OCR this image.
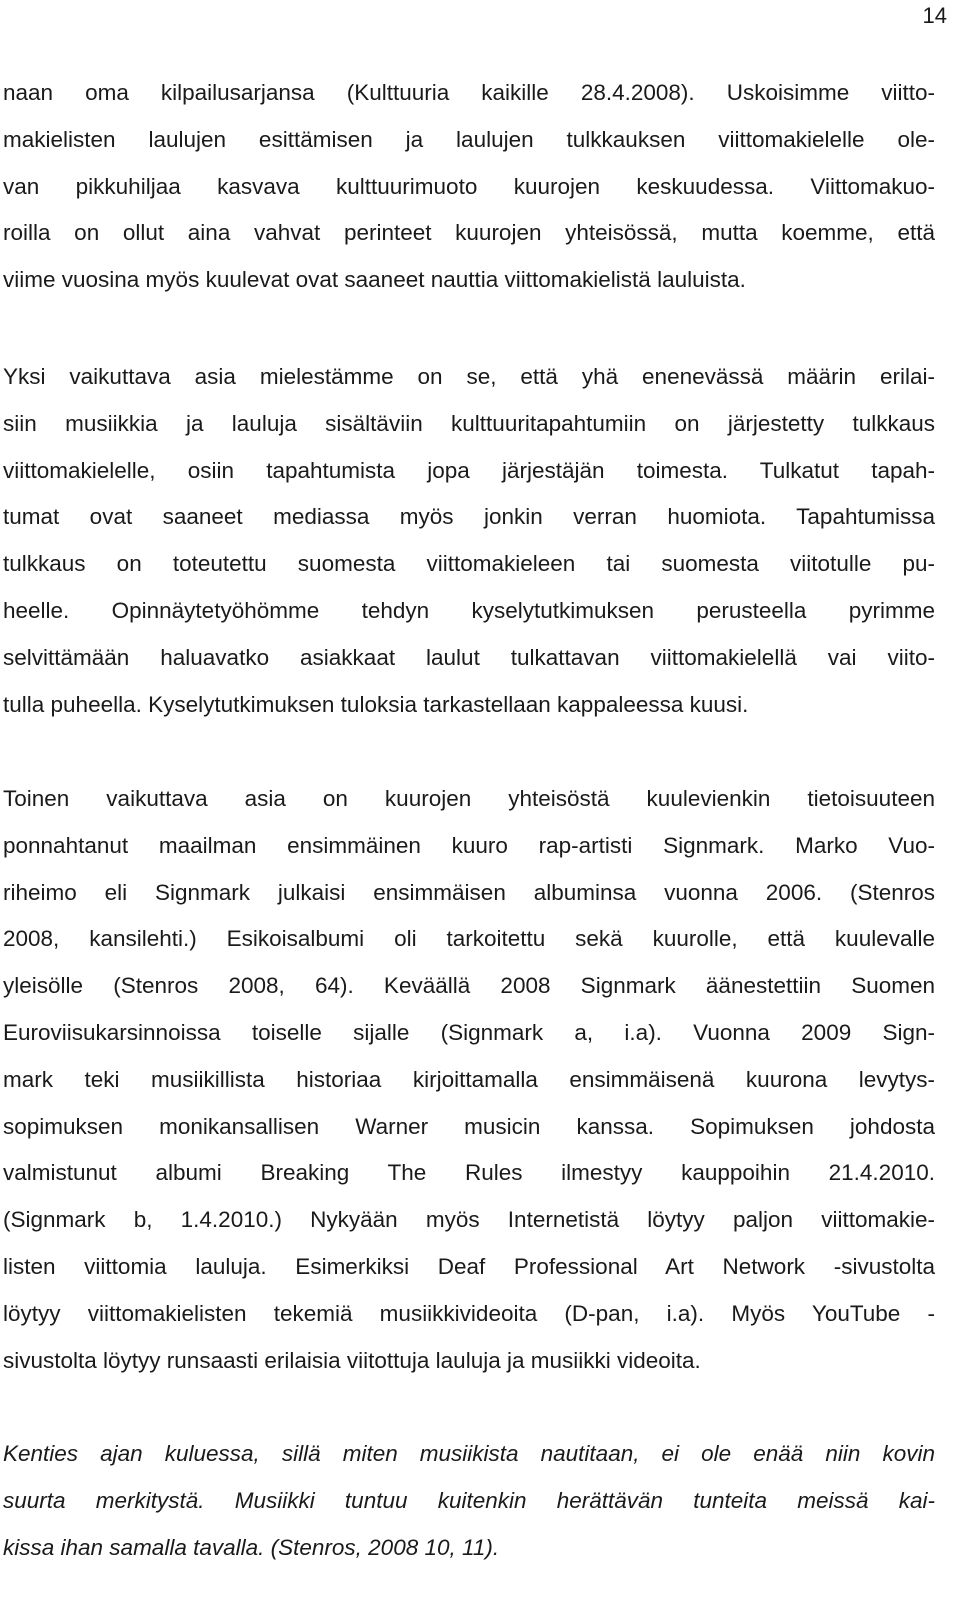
14
naan oma kilpailusarjansa (Kulttuuria kaikille 28.4.2008). Uskoisimme viitto-
makielisten laulujen esittämisen ja laulujen tulkkauksen viittomakielelle ole-
van pikkuhiljaa kasvava kulttuurimuoto kuurojen keskuudessa. Viittomakuo-
roilla on ollut aina vahvat perinteet kuurojen yhteisössä, mutta koemme, että
viime vuosina myös kuulevat ovat saaneet nauttia viittomakielistä lauluista.
Yksi vaikuttava asia mielestämme on se, että yhä enenevässä määrin erilai-
siin musiikkia ja lauluja sisältäviin kulttuuritapahtumiin on järjestetty tulkkaus
viittomakielelle, osiin tapahtumista jopa järjestäjän toimesta. Tulkatut tapah-
tumat ovat saaneet mediassa myös jonkin verran huomiota. Tapahtumissa
tulkkaus on toteutettu suomesta viittomakieleen tai suomesta viitotulle pu-
heelle. Opinnäytetyöhömme tehdyn kyselytutkimuksen perusteella pyrimme
selvittämään haluavatko asiakkaat laulut tulkattavan viittomakielellä vai viito-
tulla puheella. Kyselytutkimuksen tuloksia tarkastellaan kappaleessa kuusi.
Toinen vaikuttava asia on kuurojen yhteisöstä kuulevienkin tietoisuuteen
ponnahtanut maailman ensimmäinen kuuro rap-artisti Signmark. Marko Vuo-
riheimo eli Signmark julkaisi ensimmäisen albuminsa vuonna 2006. (Stenros
2008, kansilehti.) Esikoisalbumi oli tarkoitettu sekä kuurolle, että kuulevalle
yleisölle (Stenros 2008, 64). Keväällä 2008 Signmark äänestettiin Suomen
Euroviisukarsinnoissa toiselle sijalle (Signmark a, i.a). Vuonna 2009 Sign-
mark teki musiikillista historiaa kirjoittamalla ensimmäisenä kuurona levytys-
sopimuksen monikansallisen Warner musicin kanssa. Sopimuksen johdosta
valmistunut albumi Breaking The Rules ilmestyy kauppoihin 21.4.2010.
(Signmark b, 1.4.2010.) Nykyään myös Internetistä löytyy paljon viittomakie-
listen viittomia lauluja. Esimerkiksi Deaf Professional Art Network -sivustolta
löytyy viittomakielisten tekemiä musiikkivideoita (D-pan, i.a). Myös YouTube -
sivustolta löytyy runsaasti erilaisia viitottuja lauluja ja musiikki videoita.
Kenties ajan kuluessa, sillä miten musiikista nautitaan, ei ole enää niin kovin
suurta merkitystä. Musiikki tuntuu kuitenkin herättävän tunteita meissä kai-
kissa ihan samalla tavalla. (Stenros, 2008 10, 11).
